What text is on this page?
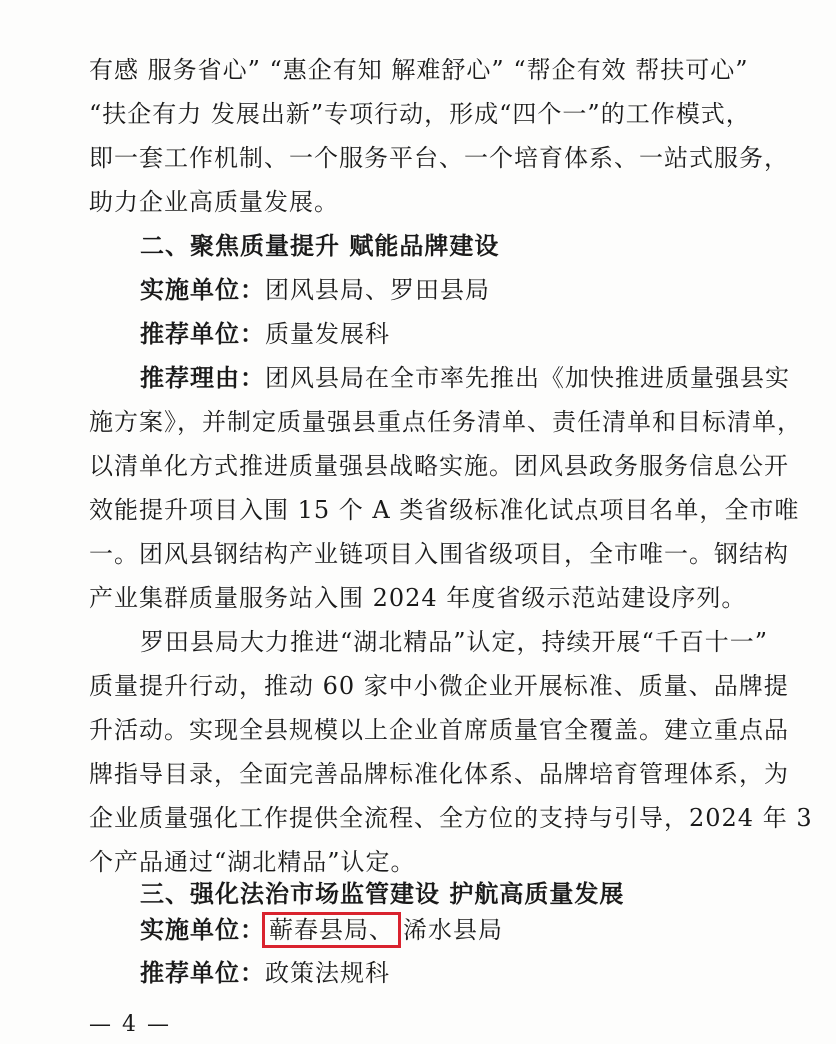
有感 服务省心” “惠企有知 解难舒心” “帮企有效 帮扶可心”
“扶企有力 发展出新”专项行动，形成“四个一”的工作模式，
即一套工作机制、一个服务平台、一个培育体系、一站式服务，
助力企业高质量发展。
二、聚焦质量提升 赋能品牌建设
实施单位：团风县局、罗田县局
推荐单位：质量发展科
推荐理由：团风县局在全市率先推出《加快推进质量强县实
施方案》，并制定质量强县重点任务清单、责任清单和目标清单，
以清单化方式推进质量强县战略实施。团风县政务服务信息公开
效能提升项目入围 15 个 A 类省级标准化试点项目名单，全市唯
一。团风县钢结构产业链项目入围省级项目，全市唯一。钢结构
产业集群质量服务站入围 2024 年度省级示范站建设序列。
罗田县局大力推进“湖北精品”认定，持续开展“千百十一”
质量提升行动，推动 60 家中小微企业开展标准、质量、品牌提
升活动。实现全县规模以上企业首席质量官全覆盖。建立重点品
牌指导目录，全面完善品牌标准化体系、品牌培育管理体系，为
企业质量强化工作提供全流程、全方位的支持与引导，2024 年 3
个产品通过“湖北精品”认定。
三、强化法治市场监管建设 护航高质量发展
实施单位： 蕲春县局、 浠水县局
推荐单位：政策法规科
— 4 —
